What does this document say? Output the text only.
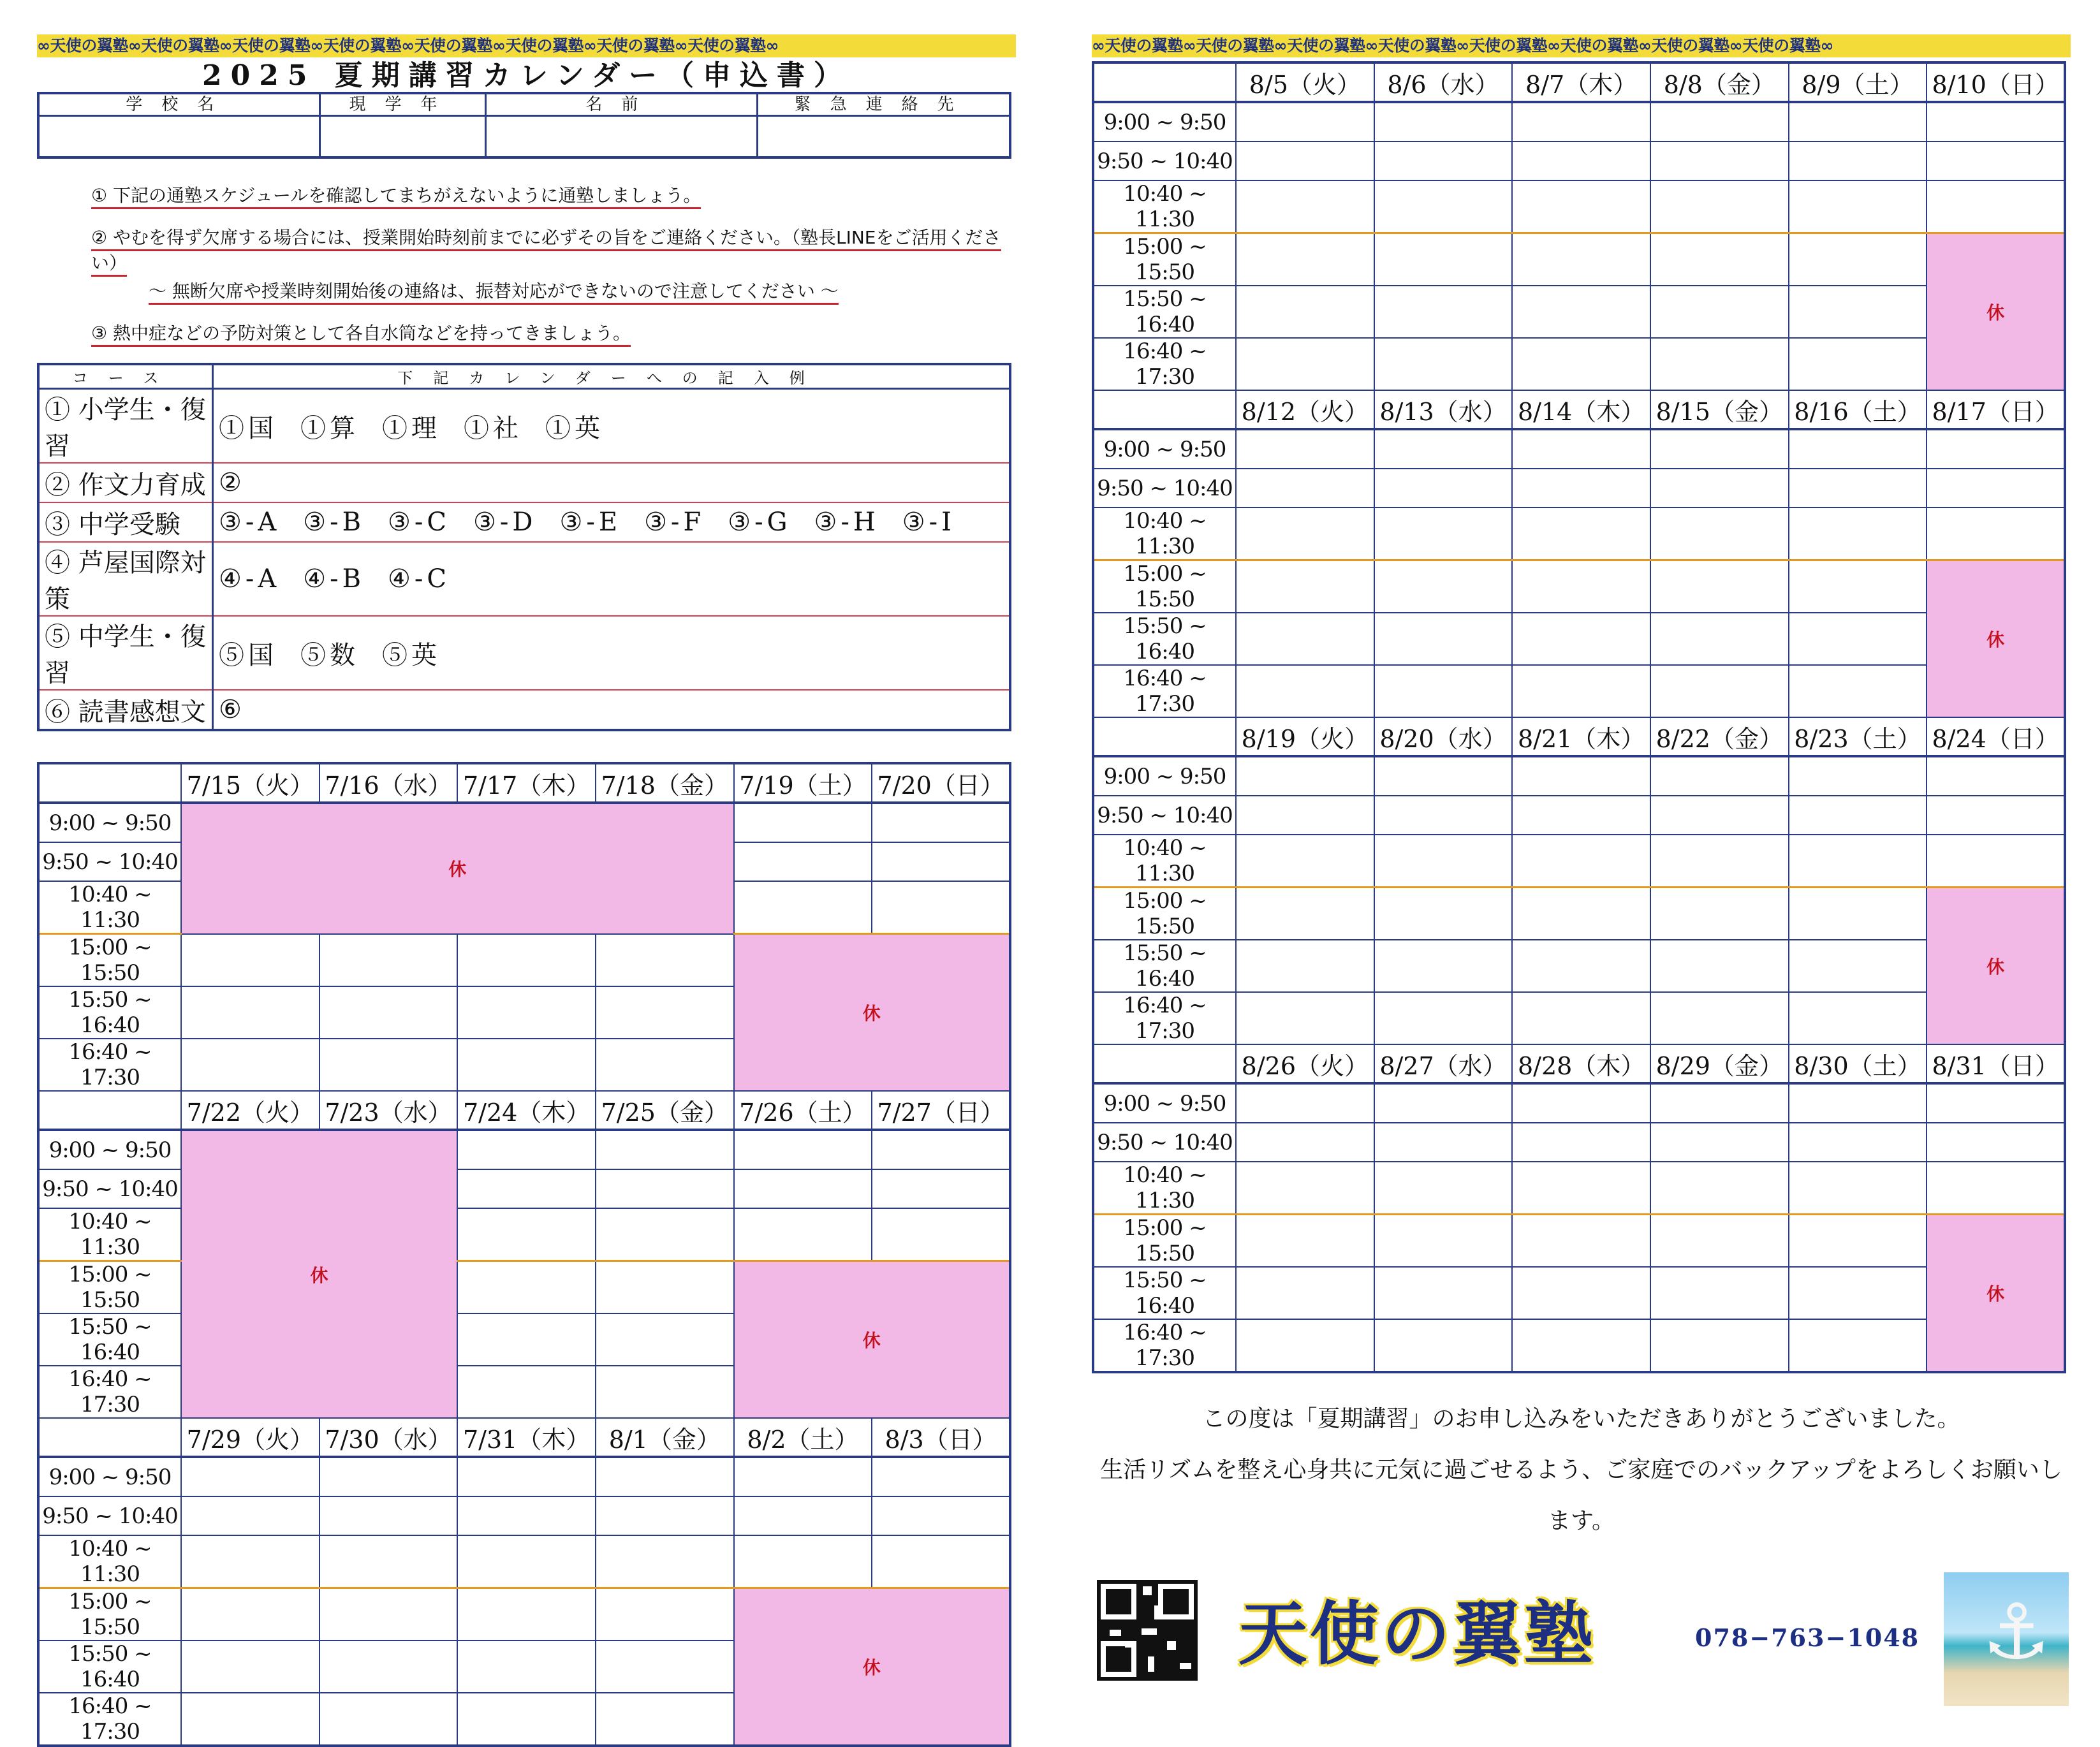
∞天使の翼塾∞天使の翼塾∞天使の翼塾∞天使の翼塾∞天使の翼塾∞天使の翼塾∞天使の翼塾∞天使の翼塾∞
2025 夏期講習カレンダー（申込書）
学校名	現学年	名前	緊急連絡先

① 下記の通塾スケジュールを確認してまちがえないように通塾しましょう。
② やむを得ず欠席する場合には、授業開始時刻前までに必ずその旨をご連絡ください。（塾長LINEをご活用ください）
～ 無断欠席や授業時刻開始後の連絡は、振替対応ができないので注意してください ～
③ 熱中症などの予防対策として各自水筒などを持ってきましょう。
コース	下記カレンダーへの記入例
① 小学生・復習	①国 ①算 ①理 ①社 ①英
② 作文力育成	②
③ 中学受験	③-A ③-B ③-C ③-D ③-E ③-F ③-G ③-H ③-I
④ 芦屋国際対策	④-A ④-B ④-C
⑤ 中学生・復習	⑤国 ⑤数 ⑤英
⑥ 読書感想文	⑥
	7/15（火）	7/16（水）	7/17（木）	7/18（金）	7/19（土）	7/20（日）
9:00 ~ 9:50	休					
9:50 ~ 10:40						
10:40 ~ 11:30						
15:00 ~ 15:50					休	
15:50 ~ 16:40						
16:40 ~ 17:30						
	7/22（火）	7/23（水）	7/24（木）	7/25（金）	7/26（土）	7/27（日）
9:00 ~ 9:50	休					
9:50 ~ 10:40						
10:40 ~ 11:30						
15:00 ~ 15:50					休	
15:50 ~ 16:40						
16:40 ~ 17:30						
	7/29（火）	7/30（水）	7/31（木）	8/1（金）	8/2（土）	8/3（日）
9:00 ~ 9:50						
9:50 ~ 10:40						
10:40 ~ 11:30						
15:00 ~ 15:50					休	
15:50 ~ 16:40						
16:40 ~ 17:30						
∞天使の翼塾∞天使の翼塾∞天使の翼塾∞天使の翼塾∞天使の翼塾∞天使の翼塾∞天使の翼塾∞天使の翼塾∞
	8/5（火）	8/6（水）	8/7（木）	8/8（金）	8/9（土）	8/10（日）
9:00 ~ 9:50						
9:50 ~ 10:40						
10:40 ~ 11:30						
15:00 ~ 15:50						休
15:50 ~ 16:40						
16:40 ~ 17:30						
	8/12（火）	8/13（水）	8/14（木）	8/15（金）	8/16（土）	8/17（日）
9:00 ~ 9:50						
9:50 ~ 10:40						
10:40 ~ 11:30						
15:00 ~ 15:50						休
15:50 ~ 16:40						
16:40 ~ 17:30						
	8/19（火）	8/20（水）	8/21（木）	8/22（金）	8/23（土）	8/24（日）
9:00 ~ 9:50						
9:50 ~ 10:40						
10:40 ~ 11:30						
15:00 ~ 15:50						休
15:50 ~ 16:40						
16:40 ~ 17:30						
	8/26（火）	8/27（水）	8/28（木）	8/29（金）	8/30（土）	8/31（日）
9:00 ~ 9:50						
9:50 ~ 10:40						
10:40 ~ 11:30						
15:00 ~ 15:50						休
15:50 ~ 16:40						
16:40 ~ 17:30						
この度は「夏期講習」のお申し込みをいただきありがとうございました。
生活リズムを整え心身共に元気に過ごせるよう、ご家庭でのバックアップをよろしくお願いします。
天使の翼塾	078−763−1048 ⚓
